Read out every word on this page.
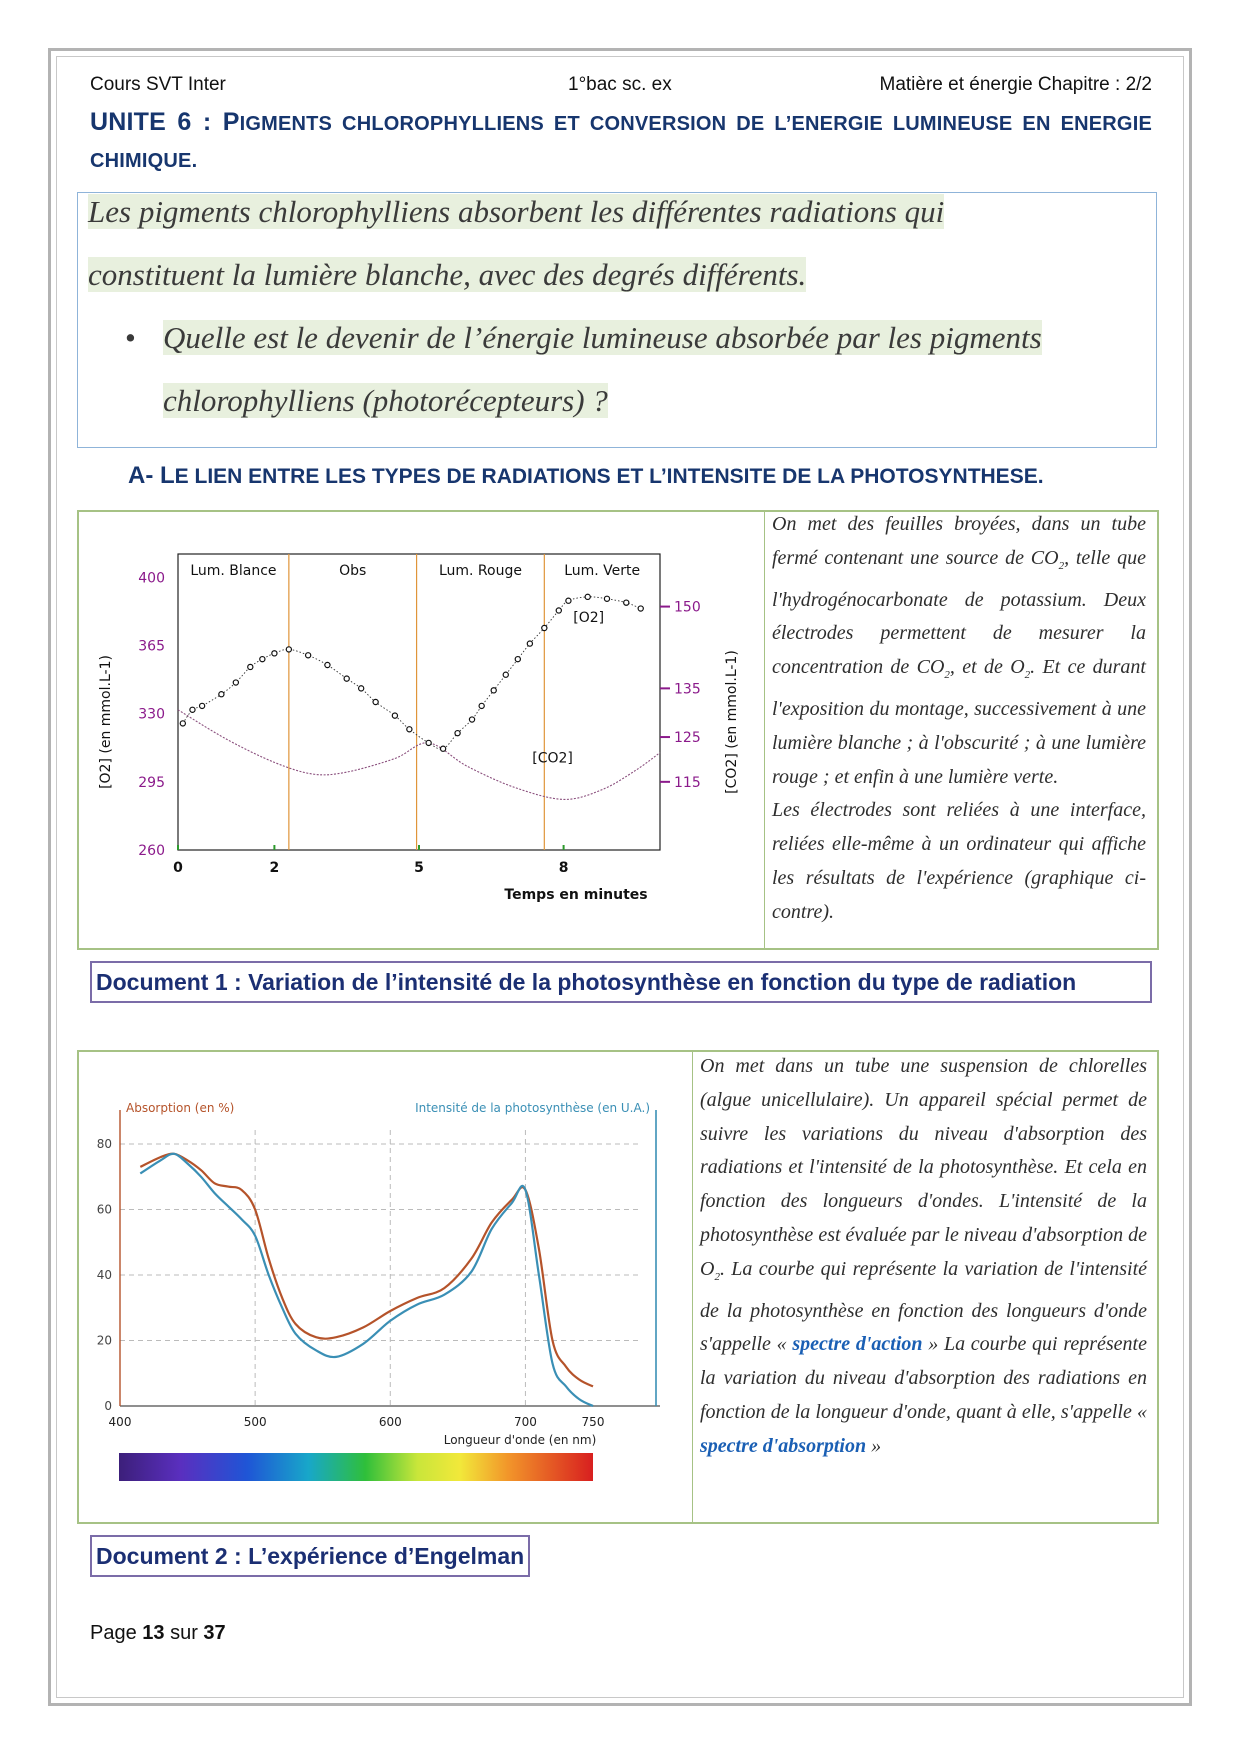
Cours SVT Inter	1°bac sc. ex	Matière et énergie Chapitre : 2/2
UNITE 6 : PIGMENTS CHLOROPHYLLIENS ET CONVERSION DE L’ENERGIE LUMINEUSE EN ENERGIE CHIMIQUE.
Les pigments chlorophylliens absorbent les différentes radiations qui
constituent la lumière blanche, avec des degrés différents.
• Quelle est le devenir de l’énergie lumineuse absorbée par les pigments
chlorophylliens (photorécepteurs) ?
A- LE LIEN ENTRE LES TYPES DE RADIATIONS ET L’INTENSITE DE LA PHOTOSYNTHESE.
Lum. Blance	Obs	Lum. Rouge	Lum. Verte
260
295
330
365
400
115
125
135
150
0	2	5	8
Temps en minutes
[O2] (en mmol.L-1)	[CO2] (en mmol.L-1)
[CO2]
[O2]
On met des feuilles broyées, dans un tube fermé contenant une source de $CO_2$, telle que l'hydrogénocarbonate de potassium. Deux électrodes permettent de mesurer la concentration de $CO_2$, et de $O_2$. Et ce durant l'exposition du montage, successivement à une lumière blanche ; à l'obscurité ; à une lumière rouge ; et enfin à une lumière verte.
Les électrodes sont reliées à une interface, reliées elle-même à un ordinateur qui affiche les résultats de l'expérience (graphique ci-contre).
Document 1 : Variation de l’intensité de la photosynthèse en fonction du type de radiation
0
20
40
60
80
400	500	600	700	750
Absorption (en %)	Intensité de la photosynthèse (en U.A.)
Longueur d'onde (en nm)
On met dans un tube une suspension de chlorelles (algue unicellulaire). Un appareil spécial permet de suivre les variations du niveau d'absorption des radiations et l'intensité de la photosynthèse. Et cela en fonction des longueurs d'ondes. L'intensité de la photosynthèse est évaluée par le niveau d'absorption de $O_2$. La courbe qui représente la variation de l'intensité de la photosynthèse en fonction des longueurs d'onde s'appelle « spectre d'action » La courbe qui représente la variation du niveau d'absorption des radiations en fonction de la longueur d'onde, quant à elle, s'appelle « spectre d'absorption »
Document 2 : L’expérience d’Engelman
Page 13 sur 37
